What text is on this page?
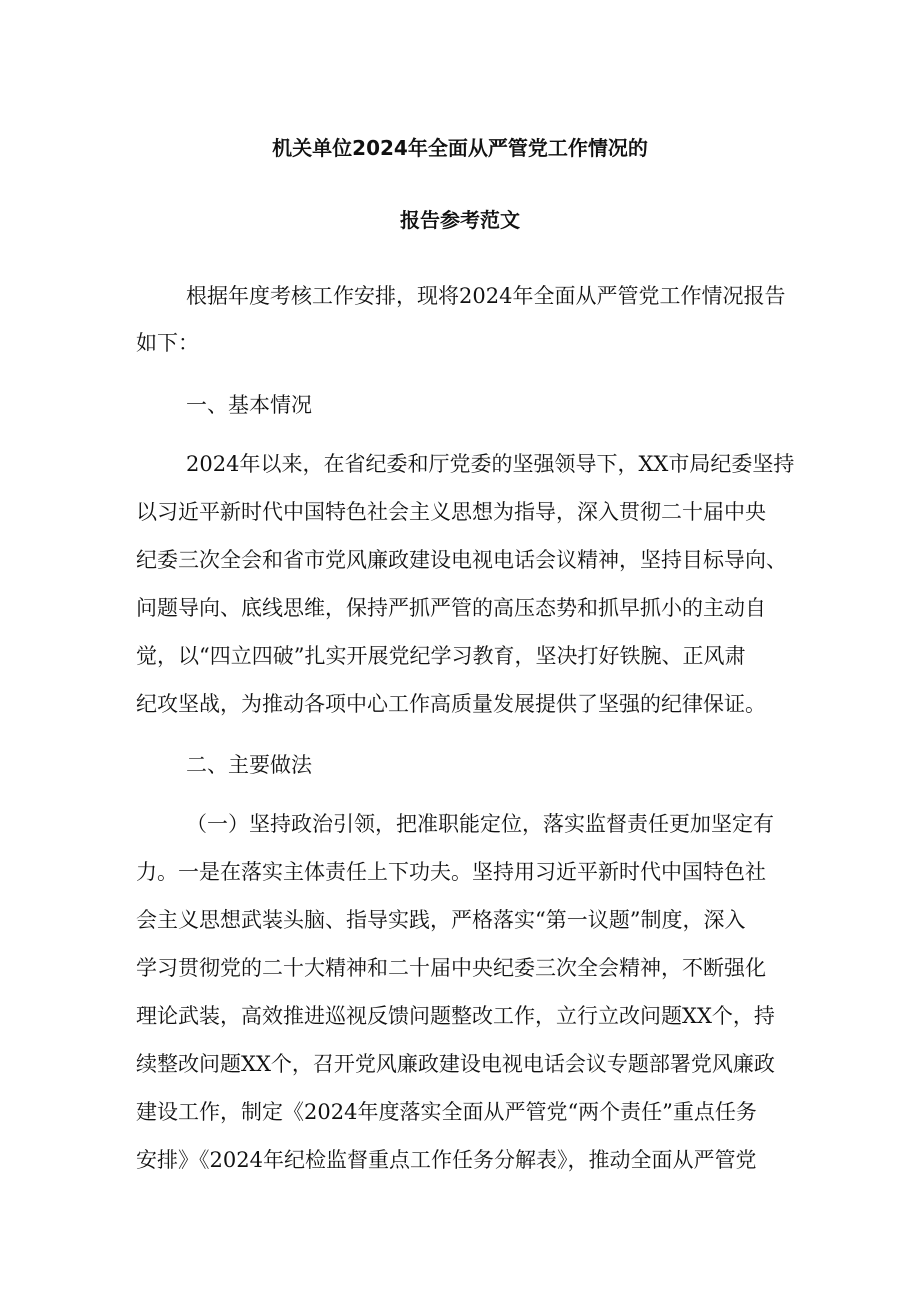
机关单位2024年全面从严管党工作情况的
报告参考范文

根据年度考核工作安排，现将2024年全面从严管党工作情况报告

如下：

一、基本情况

2024年以来，在省纪委和厅党委的坚强领导下，XX市局纪委坚持

以习近平新时代中国特色社会主义思想为指导，深入贯彻二十届中央

纪委三次全会和省市党风廉政建设电视电话会议精神，坚持目标导向、

问题导向、底线思维，保持严抓严管的高压态势和抓早抓小的主动自

觉，以“四立四破”扎实开展党纪学习教育，坚决打好铁腕、正风肃

纪攻坚战，为推动各项中心工作高质量发展提供了坚强的纪律保证。

二、主要做法

（一）坚持政治引领，把准职能定位，落实监督责任更加坚定有

力。一是在落实主体责任上下功夫。坚持用习近平新时代中国特色社

会主义思想武装头脑、指导实践，严格落实“第一议题”制度，深入

学习贯彻党的二十大精神和二十届中央纪委三次全会精神，不断强化

理论武装，高效推进巡视反馈问题整改工作，立行立改问题XX个，持

续整改问题XX个，召开党风廉政建设电视电话会议专题部署党风廉政

建设工作，制定《2024年度落实全面从严管党“两个责任”重点任务

安排》《2024年纪检监督重点工作任务分解表》，推动全面从严管党
